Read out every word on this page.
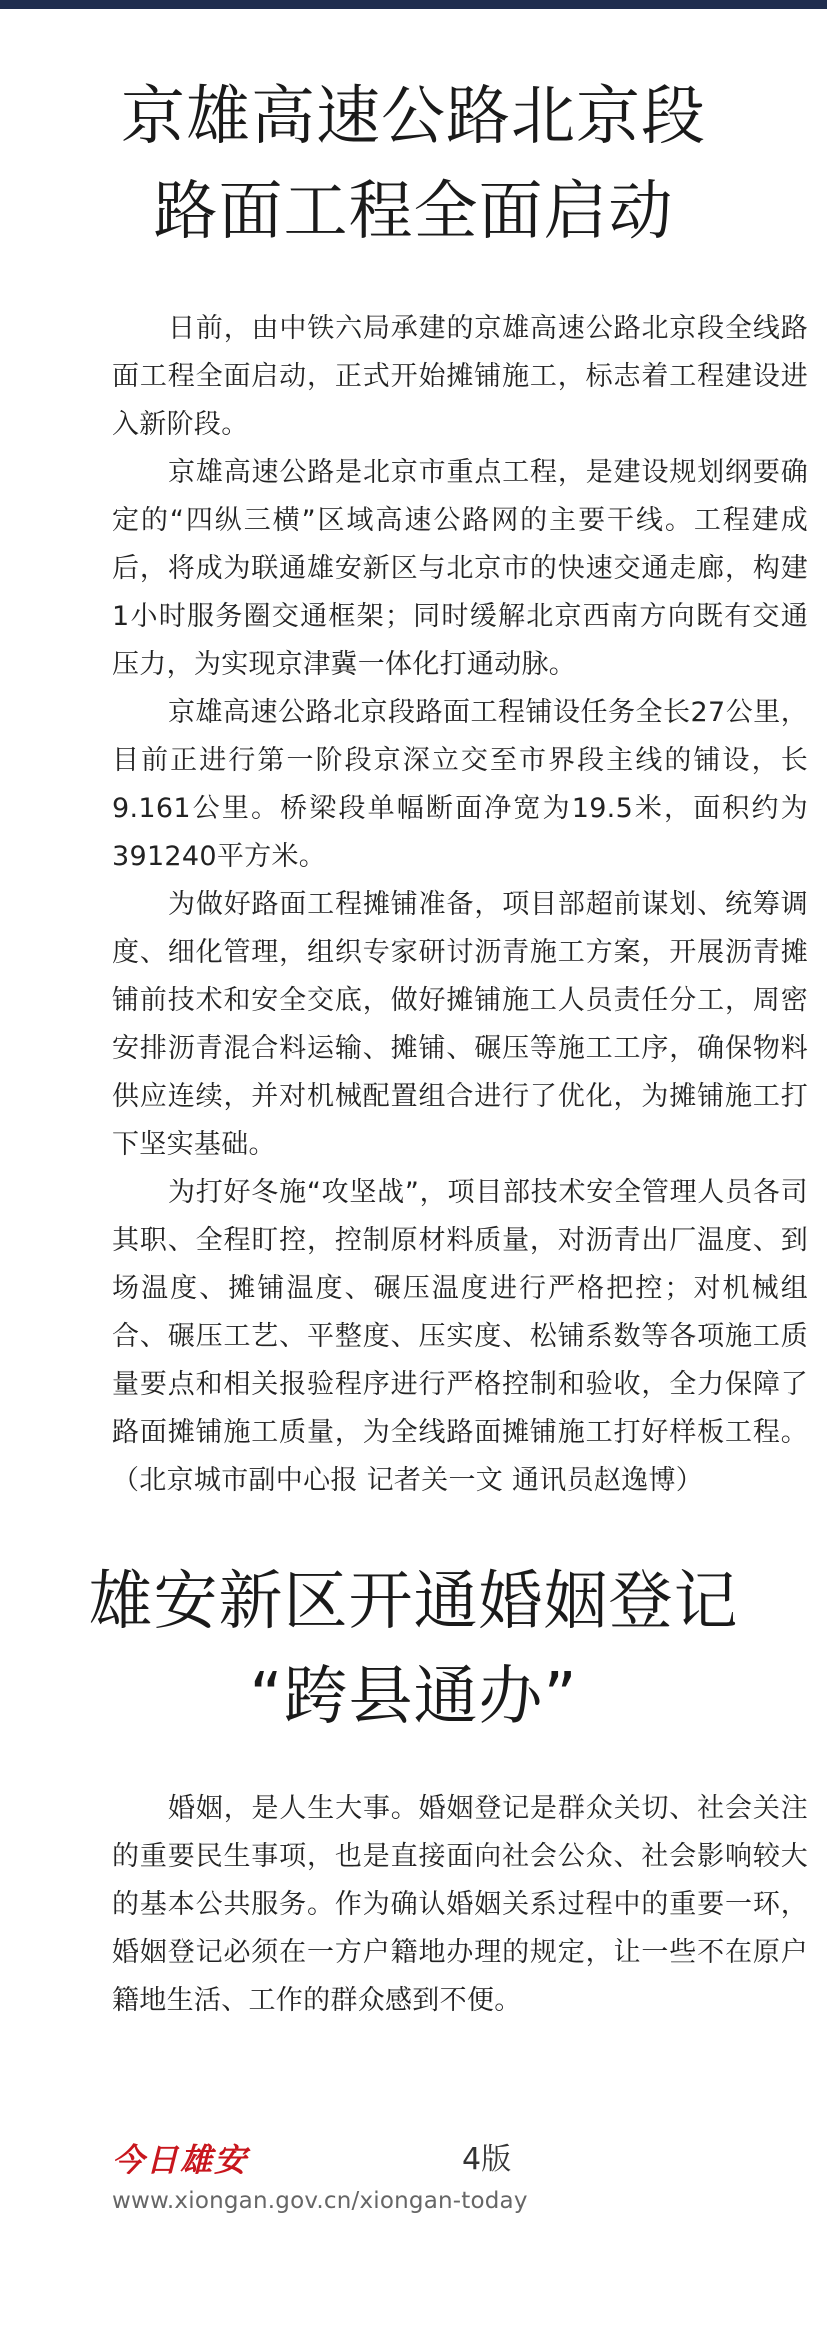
京雄高速公路北京段
路面工程全面启动

日前，由中铁六局承建的京雄高速公路北京段全线路面工程全面启动，正式开始摊铺施工，标志着工程建设进入新阶段。

京雄高速公路是北京市重点工程，是建设规划纲要确定的“四纵三横”区域高速公路网的主要干线。工程建成后，将成为联通雄安新区与北京市的快速交通走廊，构建1小时服务圈交通框架；同时缓解北京西南方向既有交通压力，为实现京津冀一体化打通动脉。

京雄高速公路北京段路面工程铺设任务全长27公里，目前正进行第一阶段京深立交至市界段主线的铺设，长9.161公里。桥梁段单幅断面净宽为19.5米，面积约为391240平方米。

为做好路面工程摊铺准备，项目部超前谋划、统筹调度、细化管理，组织专家研讨沥青施工方案，开展沥青摊铺前技术和安全交底，做好摊铺施工人员责任分工，周密安排沥青混合料运输、摊铺、碾压等施工工序，确保物料供应连续，并对机械配置组合进行了优化，为摊铺施工打下坚实基础。

为打好冬施“攻坚战”，项目部技术安全管理人员各司其职、全程盯控，控制原材料质量，对沥青出厂温度、到场温度、摊铺温度、碾压温度进行严格把控；对机械组合、碾压工艺、平整度、压实度、松铺系数等各项施工质量要点和相关报验程序进行严格控制和验收，全力保障了路面摊铺施工质量，为全线路面摊铺施工打好样板工程。（北京城市副中心报 记者关一文 通讯员赵逸博）

雄安新区开通婚姻登记
“跨县通办”

婚姻，是人生大事。婚姻登记是群众关切、社会关注的重要民生事项，也是直接面向社会公众、社会影响较大的基本公共服务。作为确认婚姻关系过程中的重要一环，婚姻登记必须在一方户籍地办理的规定，让一些不在原户籍地生活、工作的群众感到不便。

今日雄安	4版
www.xiongan.gov.cn/xiongan-today
